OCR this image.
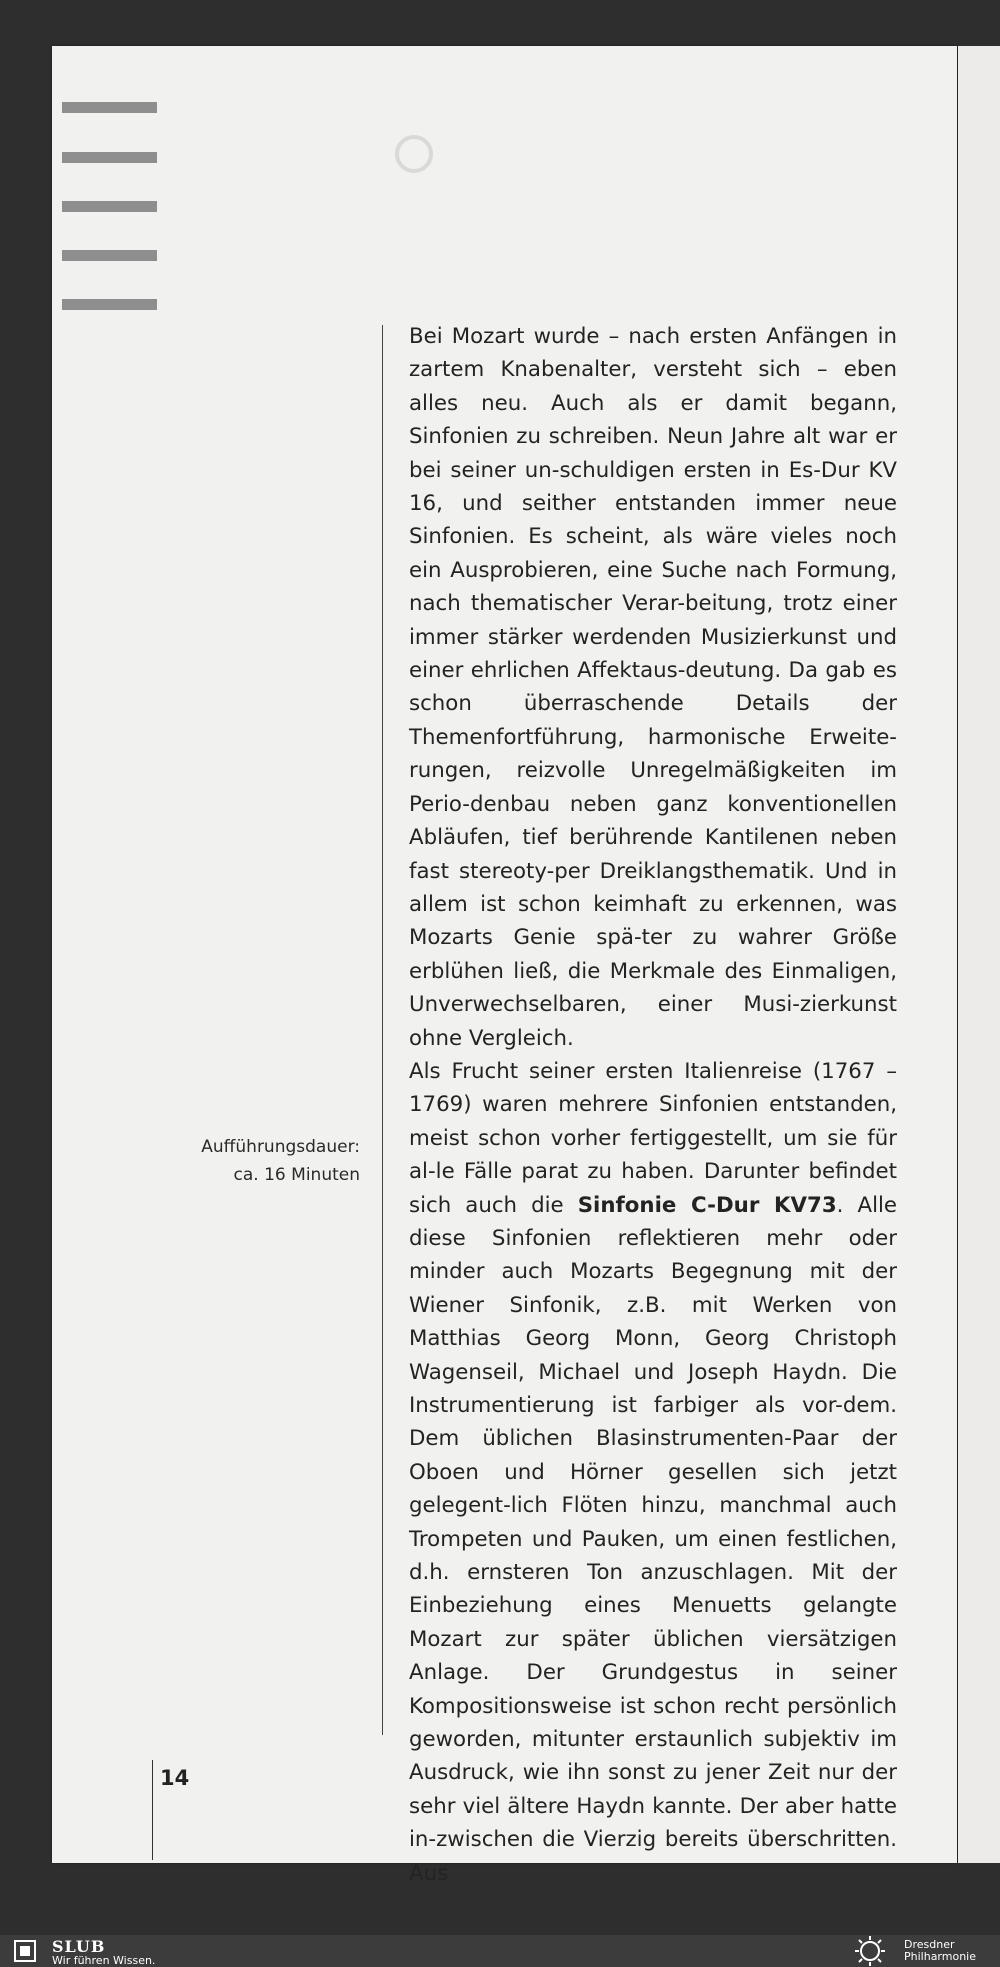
Bei Mozart wurde – nach ersten Anfängen in zartem Knabenalter, versteht sich – eben alles neu. Auch als er damit begann, Sinfonien zu schreiben. Neun Jahre alt war er bei seiner un-schuldigen ersten in Es-Dur KV 16, und seither entstanden immer neue Sinfonien. Es scheint, als wäre vieles noch ein Ausprobieren, eine Suche nach Formung, nach thematischer Verar-beitung, trotz einer immer stärker werdenden Musizierkunst und einer ehrlichen Affektaus-deutung. Da gab es schon überraschende Details der Themenfortführung, harmonische Erweite-rungen, reizvolle Unregelmäßigkeiten im Perio-denbau neben ganz konventionellen Abläufen, tief berührende Kantilenen neben fast stereoty-per Dreiklangsthematik. Und in allem ist schon keimhaft zu erkennen, was Mozarts Genie spä-ter zu wahrer Größe erblühen ließ, die Merkmale des Einmaligen, Unverwechselbaren, einer Musi-zierkunst ohne Vergleich.

Als Frucht seiner ersten Italienreise (1767 – 1769) waren mehrere Sinfonien entstanden, meist schon vorher fertiggestellt, um sie für al-le Fälle parat zu haben. Darunter befindet sich auch die Sinfonie C-Dur KV73. Alle diese Sinfonien reflektieren mehr oder minder auch Mozarts Begegnung mit der Wiener Sinfonik, z.B. mit Werken von Matthias Georg Monn, Georg Christoph Wagenseil, Michael und Joseph Haydn. Die Instrumentierung ist farbiger als vor-dem. Dem üblichen Blasinstrumenten-Paar der Oboen und Hörner gesellen sich jetzt gelegent-lich Flöten hinzu, manchmal auch Trompeten und Pauken, um einen festlichen, d.h. ernsteren Ton anzuschlagen. Mit der Einbeziehung eines Menuetts gelangte Mozart zur später üblichen viersätzigen Anlage. Der Grundgestus in seiner Kompositionsweise ist schon recht persönlich geworden, mitunter erstaunlich subjektiv im Ausdruck, wie ihn sonst zu jener Zeit nur der sehr viel ältere Haydn kannte. Der aber hatte in-zwischen die Vierzig bereits überschritten. Aus

Aufführungsdauer:
ca. 16 Minuten
14
SLUB
Wir führen Wissen.
Dresdner
Philharmonie
